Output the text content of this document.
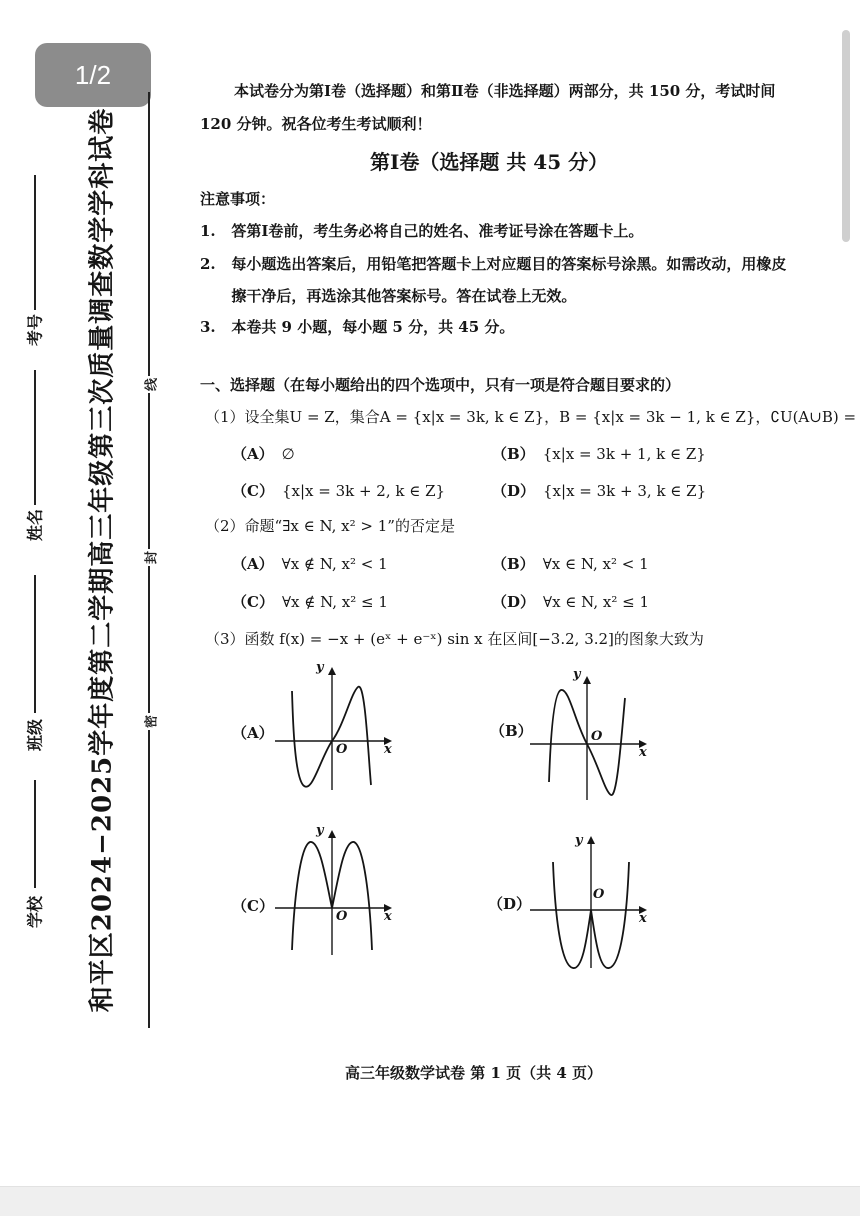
1/2
线
封
密
和平区2024−2025学年度第二学期高三年级第三次质量调查数学学科试卷
学校
班级
姓名
考号
本试卷分为第Ⅰ卷（选择题）和第Ⅱ卷（非选择题）两部分，共 150 分，考试时间
120 分钟。祝各位考生考试顺利！
第Ⅰ卷（选择题 共 45 分）
注意事项：
1.   答第Ⅰ卷前，考生务必将自己的姓名、准考证号涂在答题卡上。
2.   每小题选出答案后，用铅笔把答题卡上对应题目的答案标号涂黑。如需改动，用橡皮
擦干净后，再选涂其他答案标号。答在试卷上无效。
3.   本卷共 9 小题，每小题 5 分，共 45 分。
一、选择题（在每小题给出的四个选项中，只有一项是符合题目要求的）
（1）设全集U = Z，集合A = {x|x = 3k, k ∈ Z}，B = {x|x = 3k − 1, k ∈ Z}，∁U(A∪B) =
（A） ∅	（B） {x|x = 3k + 1, k ∈ Z}
（C） {x|x = 3k + 2, k ∈ Z}	（D） {x|x = 3k + 3, k ∈ Z}
（2）命题“∃x ∈ N, x² > 1”的否定是
（A） ∀x ∉ N, x² < 1	（B） ∀x ∈ N, x² < 1
（C） ∀x ∉ N, x² ≤ 1	（D） ∀x ∈ N, x² ≤ 1
（3）函数 f(x) = −x + (eˣ + e⁻ˣ) sin x 在区间[−3.2, 3.2]的图象大致为
（A）	（B）
（C）	（D）
x
y
O	x
y
O
x
y
O	x
y
O
高三年级数学试卷 第 1 页（共 4 页）
